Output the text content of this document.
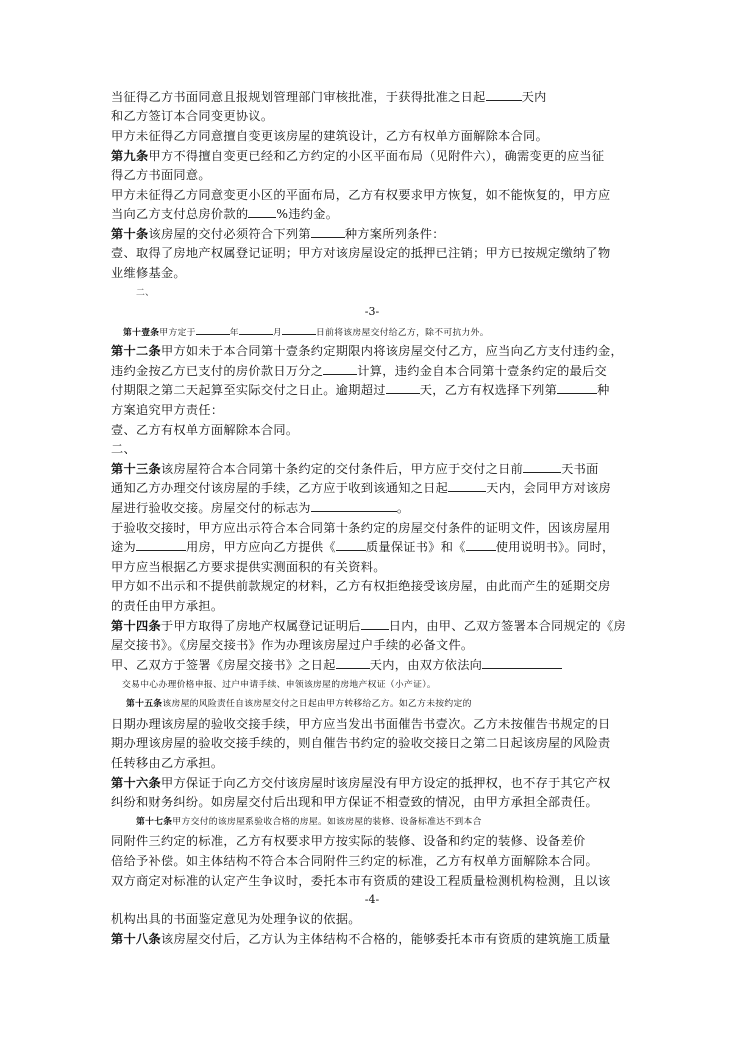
当征得乙方书面同意且报规划管理部门审核批准，于获得批准之日起	天内
和乙方签订本合同变更协议。
甲方未征得乙方同意擅自变更该房屋的建筑设计，乙方有权单方面解除本合同。
第九条甲方不得擅自变更已经和乙方约定的小区平面布局（见附件六），确需变更的应当征
得乙方书面同意。
甲方未征得乙方同意变更小区的平面布局，乙方有权要求甲方恢复，如不能恢复的，甲方应
当向乙方支付总房价款的 %违约金。
第十条该房屋的交付必须符合下列第	种方案所列条件：
壹、取得了房地产权属登记证明；甲方对该房屋设定的抵押已注销；甲方已按规定缴纳了物
业维修基金。
二、
-3-
第十壹条甲方定于	年	月	日前将该房屋交付给乙方，除不可抗力外。
第十二条甲方如未于本合同第十壹条约定期限内将该房屋交付乙方，应当向乙方支付违约金，
违约金按乙方已支付的房价款日万分之	计算，违约金自本合同第十壹条约定的最后交
付期限之第二天起算至实际交付之日止。逾期超过	天，乙方有权选择下列第	种
方案追究甲方责任：
壹、乙方有权单方面解除本合同。
二、
第十三条该房屋符合本合同第十条约定的交付条件后，甲方应于交付之日前	天书面
通知乙方办理交付该房屋的手续，乙方应于收到该通知之日起	天内，会同甲方对该房
屋进行验收交接。房屋交付的标志为	。
于验收交接时，甲方应出示符合本合同第十条约定的房屋交付条件的证明文件，因该房屋用
途为	用房，甲方应向乙方提供《 质量保证书》和《 使用说明书》。同时，
甲方应当根据乙方要求提供实测面积的有关资料。
甲方如不出示和不提供前款规定的材料，乙方有权拒绝接受该房屋，由此而产生的延期交房
的责任由甲方承担。
第十四条于甲方取得了房地产权属登记证明后 日内，由甲、乙双方签署本合同规定的《房
屋交接书》。《房屋交接书》作为办理该房屋过户手续的必备文件。
甲、乙双方于签署《房屋交接书》之日起	天内，由双方依法向
交易中心办理价格申报、过户申请手续、申领该房屋的房地产权证（小产证）。
第十五条该房屋的风险责任自该房屋交付之日起由甲方转移给乙方。如乙方未按约定的
日期办理该房屋的验收交接手续，甲方应当发出书面催告书壹次。乙方未按催告书规定的日
期办理该房屋的验收交接手续的，则自催告书约定的验收交接日之第二日起该房屋的风险责
任转移由乙方承担。
第十六条甲方保证于向乙方交付该房屋时该房屋没有甲方设定的抵押权，也不存于其它产权
纠纷和财务纠纷。如房屋交付后出现和甲方保证不相壹致的情况，由甲方承担全部责任。
第十七条甲方交付的该房屋系验收合格的房屋。如该房屋的装修、设备标准达不到本合
同附件三约定的标准，乙方有权要求甲方按实际的装修、设备和约定的装修、设备差价
倍给予补偿。如主体结构不符合本合同附件三约定的标准，乙方有权单方面解除本合同。
双方商定对标准的认定产生争议时，委托本市有资质的建设工程质量检测机构检测，且以该
-4-
机构出具的书面鉴定意见为处理争议的依据。
第十八条该房屋交付后，乙方认为主体结构不合格的，能够委托本市有资质的建筑施工质量
